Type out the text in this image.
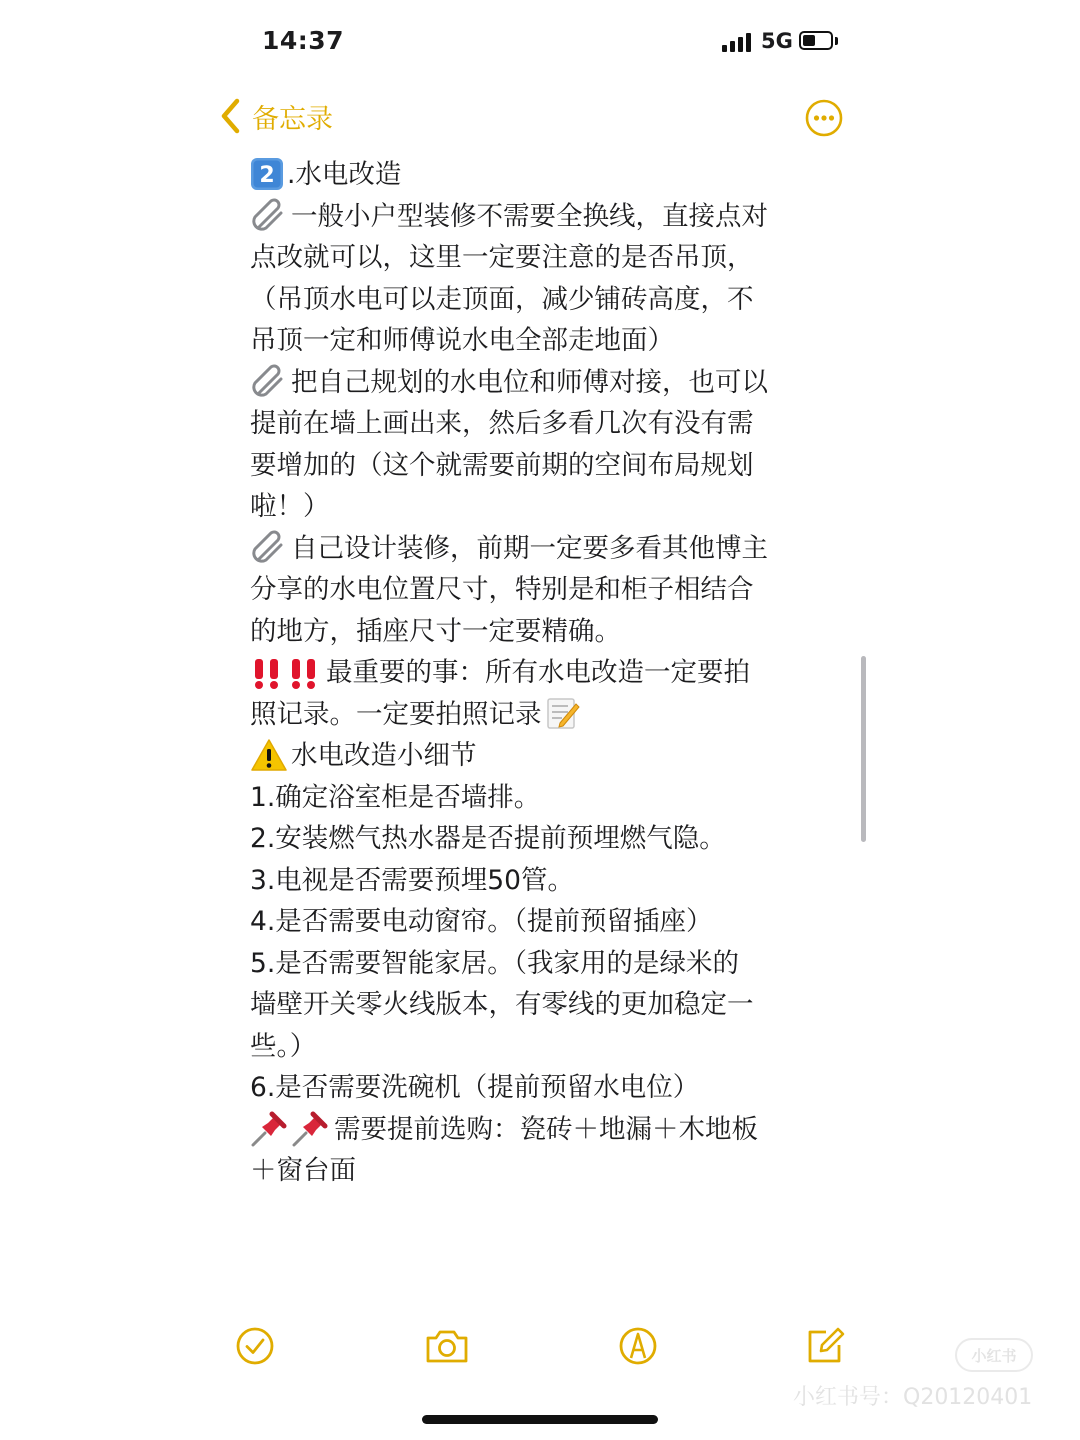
14:37	5G
备忘录
2 .水电改造
一般小户型装修不需要全换线，直接点对
点改就可以，这里一定要注意的是否吊顶，
（吊顶水电可以走顶面，减少铺砖高度，不
吊顶一定和师傅说水电全部走地面）
把自己规划的水电位和师傅对接，也可以
提前在墙上画出来，然后多看几次有没有需
要增加的（这个就需要前期的空间布局规划
啦！）
自己设计装修，前期一定要多看其他博主
分享的水电位置尺寸，特别是和柜子相结合
的地方，插座尺寸一定要精确。
最重要的事：所有水电改造一定要拍
照记录。一定要拍照记录
水电改造小细节
1.确定浴室柜是否墙排。
2.安装燃气热水器是否提前预埋燃气隐。
3.电视是否需要预埋50管。
4.是否需要电动窗帘。（提前预留插座）
5.是否需要智能家居。（我家用的是绿米的
墙壁开关零火线版本，有零线的更加稳定一
些。）
6.是否需要洗碗机（提前预留水电位）
需要提前选购：瓷砖＋地漏＋木地板
＋窗台面
小红书
小红书号：Q20120401
